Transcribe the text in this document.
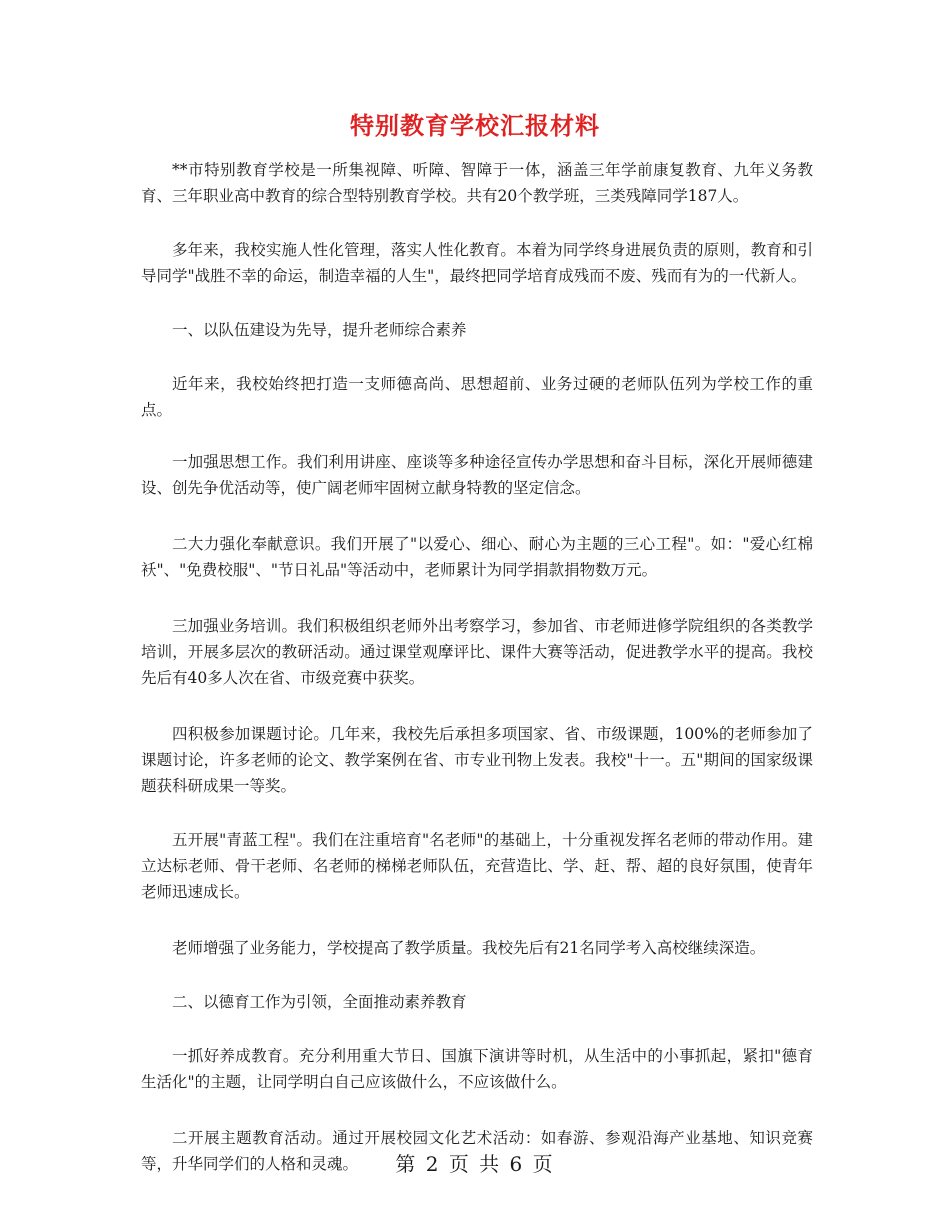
特别教育学校汇报材料

**市特别教育学校是一所集视障、听障、智障于一体，涵盖三年学前康复教育、九年义务教育、三年职业高中教育的综合型特别教育学校。共有20个教学班，三类残障同学187人。

多年来，我校实施人性化管理，落实人性化教育。本着为同学终身进展负责的原则，教育和引导同学"战胜不幸的命运，制造幸福的人生"，最终把同学培育成残而不废、残而有为的一代新人。

一、以队伍建设为先导，提升老师综合素养

近年来，我校始终把打造一支师德高尚、思想超前、业务过硬的老师队伍列为学校工作的重点。

一加强思想工作。我们利用讲座、座谈等多种途径宣传办学思想和奋斗目标，深化开展师德建设、创先争优活动等，使广阔老师牢固树立献身特教的坚定信念。

二大力强化奉献意识。我们开展了"以爱心、细心、耐心为主题的三心工程"。如："爱心红棉袄"、"免费校服"、"节日礼品"等活动中，老师累计为同学捐款捐物数万元。

三加强业务培训。我们积极组织老师外出考察学习，参加省、市老师进修学院组织的各类教学培训，开展多层次的教研活动。通过课堂观摩评比、课件大赛等活动，促进教学水平的提高。我校先后有40多人次在省、市级竞赛中获奖。

四积极参加课题讨论。几年来，我校先后承担多项国家、省、市级课题，100%的老师参加了课题讨论，许多老师的论文、教学案例在省、市专业刊物上发表。我校"十一。五"期间的国家级课题获科研成果一等奖。

五开展"青蓝工程"。我们在注重培育"名老师"的基础上，十分重视发挥名老师的带动作用。建立达标老师、骨干老师、名老师的梯梯老师队伍，充营造比、学、赶、帮、超的良好氛围，使青年老师迅速成长。

老师增强了业务能力，学校提高了教学质量。我校先后有21名同学考入高校继续深造。

二、以德育工作为引领，全面推动素养教育

一抓好养成教育。充分利用重大节日、国旗下演讲等时机，从生活中的小事抓起，紧扣"德育生活化"的主题，让同学明白自己应该做什么，不应该做什么。

二开展主题教育活动。通过开展校园文化艺术活动：如春游、参观沿海产业基地、知识竞赛等，升华同学们的人格和灵魂。	第 2 页 共 6 页
